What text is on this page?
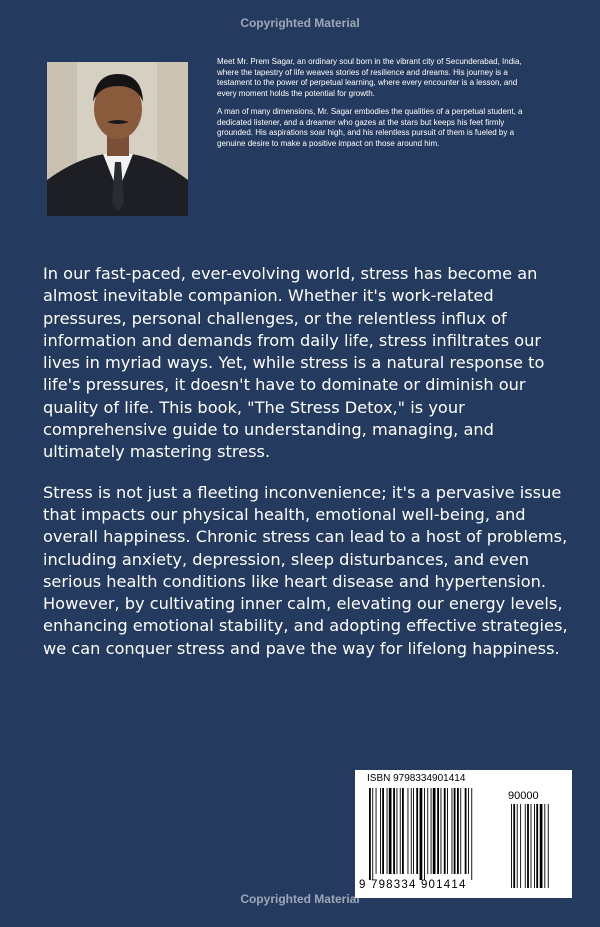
Copyrighted Material

Meet Mr. Prem Sagar, an ordinary soul born in the vibrant city of Secunderabad, India, where the tapestry of life weaves stories of resilience and dreams. His journey is a testament to the power of perpetual learning, where every encounter is a lesson, and every moment holds the potential for growth.

A man of many dimensions, Mr. Sagar embodies the qualities of a perpetual student, a dedicated listener, and a dreamer who gazes at the stars but keeps his feet firmly grounded. His aspirations soar high, and his relentless pursuit of them is fueled by a genuine desire to make a positive impact on those around him.

In our fast-paced, ever-evolving world, stress has become an almost inevitable companion. Whether it's work-related pressures, personal challenges, or the relentless influx of information and demands from daily life, stress infiltrates our lives in myriad ways. Yet, while stress is a natural response to life's pressures, it doesn't have to dominate or diminish our quality of life. This book, "The Stress Detox," is your comprehensive guide to understanding, managing, and ultimately mastering stress.

Stress is not just a fleeting inconvenience; it's a pervasive issue that impacts our physical health, emotional well-being, and overall happiness. Chronic stress can lead to a host of problems, including anxiety, depression, sleep disturbances, and even serious health conditions like heart disease and hypertension. However, by cultivating inner calm, elevating our energy levels, enhancing emotional stability, and adopting effective strategies, we can conquer stress and pave the way for lifelong happiness.

ISBN 9798334901414
90000
9 798334 901414
Copyrighted Material
